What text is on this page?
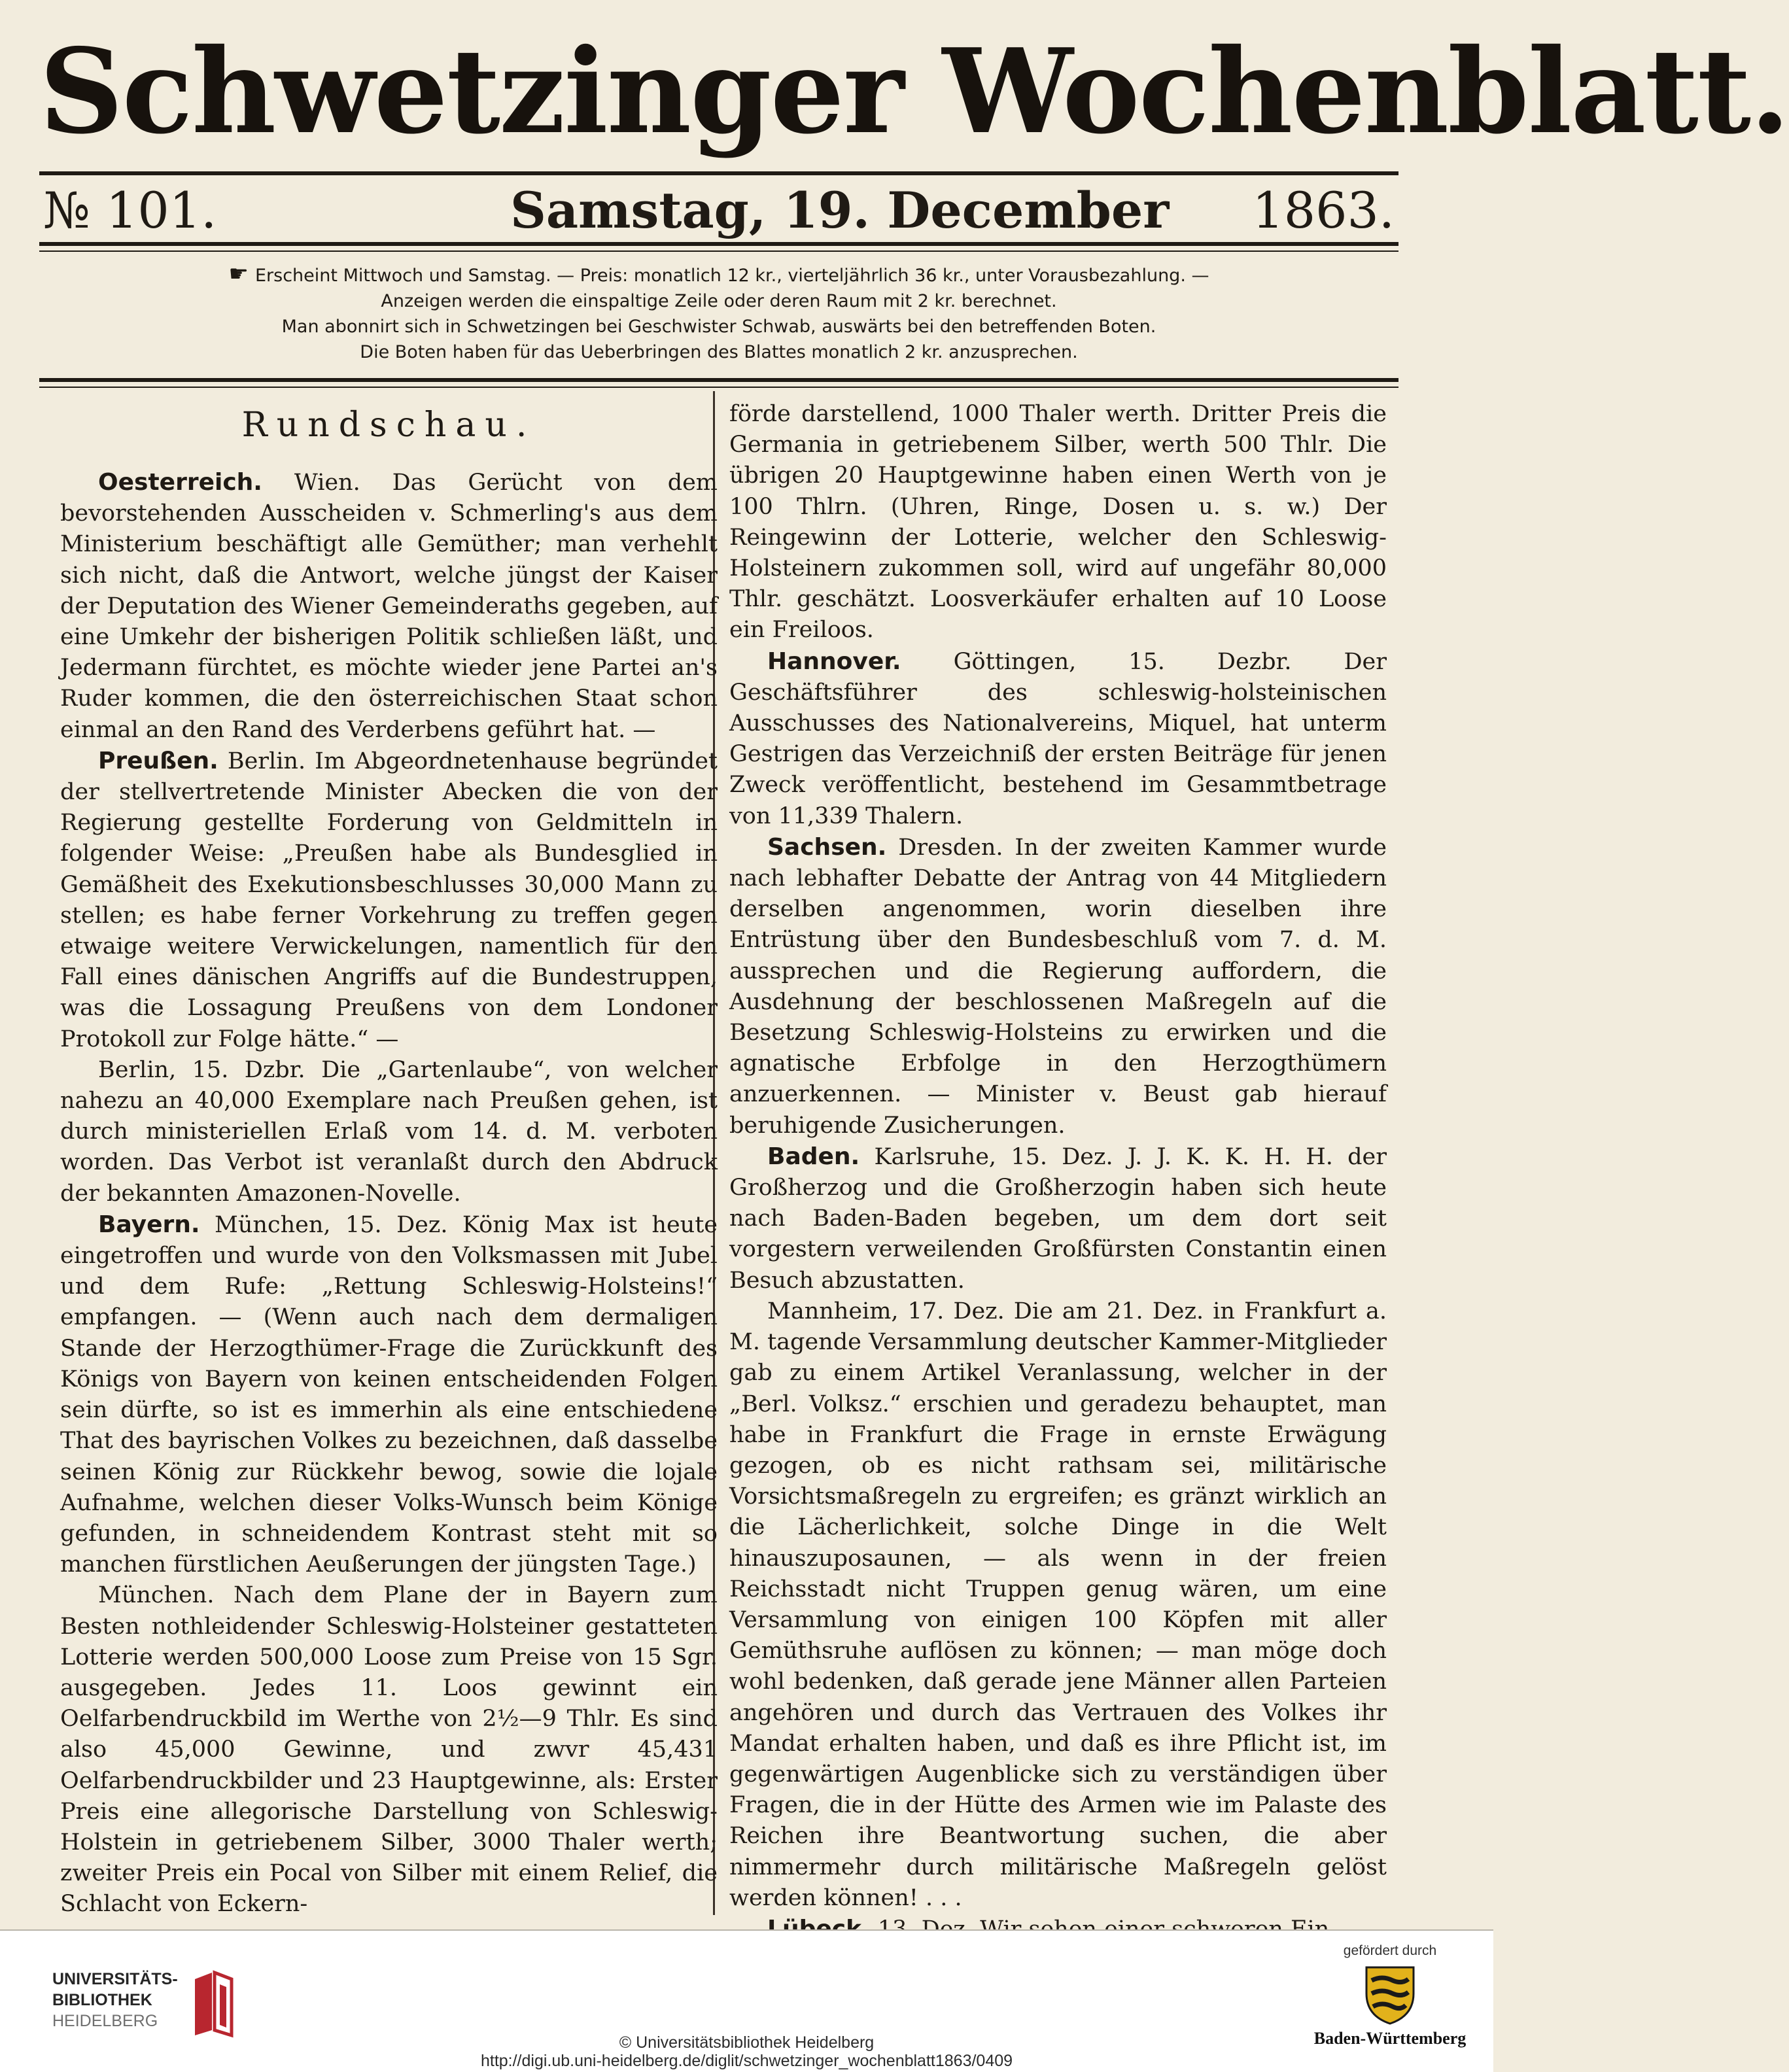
Schwetzinger Wochenblatt.
№ 101.	Samstag, 19. December 1863.
☛ Erscheint Mittwoch und Samstag. — Preis: monatlich 12 kr., vierteljährlich 36 kr., unter Vorausbezahlung. —
Anzeigen werden die einspaltige Zeile oder deren Raum mit 2 kr. berechnet.
Man abonnirt sich in Schwetzingen bei Geschwister Schwab, auswärts bei den betreffenden Boten.
Die Boten haben für das Ueberbringen des Blattes monatlich 2 kr. anzusprechen.
Rundschau.

Oesterreich. Wien. Das Gerücht von dem bevorstehenden Ausscheiden v. Schmerling's aus dem Ministerium beschäftigt alle Gemüther; man verhehlt sich nicht, daß die Antwort, welche jüngst der Kaiser der Deputation des Wiener Gemeinderaths gegeben, auf eine Umkehr der bisherigen Politik schließen läßt, und Jedermann fürchtet, es möchte wieder jene Partei an's Ruder kommen, die den österreichischen Staat schon einmal an den Rand des Verderbens geführt hat. —

Preußen. Berlin. Im Abgeordnetenhause begründet der stellvertretende Minister Abecken die von der Regierung gestellte Forderung von Geldmitteln in folgender Weise: „Preußen habe als Bundesglied in Gemäßheit des Exekutionsbeschlusses 30,000 Mann zu stellen; es habe ferner Vorkehrung zu treffen gegen etwaige weitere Verwickelungen, namentlich für den Fall eines dänischen Angriffs auf die Bundestruppen, was die Lossagung Preußens von dem Londoner Protokoll zur Folge hätte.“ —

Berlin, 15. Dzbr. Die „Gartenlaube“, von welcher nahezu an 40,000 Exemplare nach Preußen gehen, ist durch ministeriellen Erlaß vom 14. d. M. verboten worden. Das Verbot ist veranlaßt durch den Abdruck der bekannten Amazonen-Novelle.

Bayern. München, 15. Dez. König Max ist heute eingetroffen und wurde von den Volksmassen mit Jubel und dem Rufe: „Rettung Schleswig-Holsteins!“ empfangen. — (Wenn auch nach dem dermaligen Stande der Herzogthümer-Frage die Zurückkunft des Königs von Bayern von keinen entscheidenden Folgen sein dürfte, so ist es immerhin als eine entschiedene That des bayrischen Volkes zu bezeichnen, daß dasselbe seinen König zur Rückkehr bewog, sowie die lojale Aufnahme, welchen dieser Volks-Wunsch beim Könige gefunden, in schneidendem Kontrast steht mit so manchen fürstlichen Aeußerungen der jüngsten Tage.)

München. Nach dem Plane der in Bayern zum Besten nothleidender Schleswig-Holsteiner gestatteten Lotterie werden 500,000 Loose zum Preise von 15 Sgr. ausgegeben. Jedes 11. Loos gewinnt ein Oelfarbendruckbild im Werthe von 2½—9 Thlr. Es sind also 45,000 Gewinne, und zwvr 45,431 Oelfarbendruckbilder und 23 Hauptgewinne, als: Erster Preis eine allegorische Darstellung von Schleswig-Holstein in getriebenem Silber, 3000 Thaler werth; zweiter Preis ein Pocal von Silber mit einem Relief, die Schlacht von Eckern-

förde darstellend, 1000 Thaler werth. Dritter Preis die Germania in getriebenem Silber, werth 500 Thlr. Die übrigen 20 Hauptgewinne haben einen Werth von je 100 Thlrn. (Uhren, Ringe, Dosen u. s. w.) Der Reingewinn der Lotterie, welcher den Schleswig-Holsteinern zukommen soll, wird auf ungefähr 80,000 Thlr. geschätzt. Loosverkäufer erhalten auf 10 Loose ein Freiloos.

Hannover. Göttingen, 15. Dezbr. Der Geschäftsführer des schleswig-holsteinischen Ausschusses des Nationalvereins, Miquel, hat unterm Gestrigen das Verzeichniß der ersten Beiträge für jenen Zweck veröffentlicht, bestehend im Gesammtbetrage von 11,339 Thalern.

Sachsen. Dresden. In der zweiten Kammer wurde nach lebhafter Debatte der Antrag von 44 Mitgliedern derselben angenommen, worin dieselben ihre Entrüstung über den Bundesbeschluß vom 7. d. M. aussprechen und die Regierung auffordern, die Ausdehnung der beschlossenen Maßregeln auf die Besetzung Schleswig-Holsteins zu erwirken und die agnatische Erbfolge in den Herzogthümern anzuerkennen. — Minister v. Beust gab hierauf beruhigende Zusicherungen.

Baden. Karlsruhe, 15. Dez. J. J. K. K. H. H. der Großherzog und die Großherzogin haben sich heute nach Baden-Baden begeben, um dem dort seit vorgestern verweilenden Großfürsten Constantin einen Besuch abzustatten.

Mannheim, 17. Dez. Die am 21. Dez. in Frankfurt a. M. tagende Versammlung deutscher Kammer-Mitglieder gab zu einem Artikel Veranlassung, welcher in der „Berl. Volksz.“ erschien und geradezu behauptet, man habe in Frankfurt die Frage in ernste Erwägung gezogen, ob es nicht rathsam sei, militärische Vorsichtsmaßregeln zu ergreifen; es gränzt wirklich an die Lächerlichkeit, solche Dinge in die Welt hinauszuposaunen, — als wenn in der freien Reichsstadt nicht Truppen genug wären, um eine Versammlung von einigen 100 Köpfen mit aller Gemüthsruhe auflösen zu können; — man möge doch wohl bedenken, daß gerade jene Männer allen Parteien angehören und durch das Vertrauen des Volkes ihr Mandat erhalten haben, und daß es ihre Pflicht ist, im gegenwärtigen Augenblicke sich zu verständigen über Fragen, die in der Hütte des Armen wie im Palaste des Reichen ihre Beantwortung suchen, die aber nimmermehr durch militärische Maßregeln gelöst werden können! . . .

UNIVERSITÄTS-
BIBLIOTHEK
HEIDELBERG
© Universitätsbibliothek Heidelberg
http://digi.ub.uni-heidelberg.de/diglit/schwetzinger_wochenblatt1863/0409
gefördert durch
Baden-Württemberg
